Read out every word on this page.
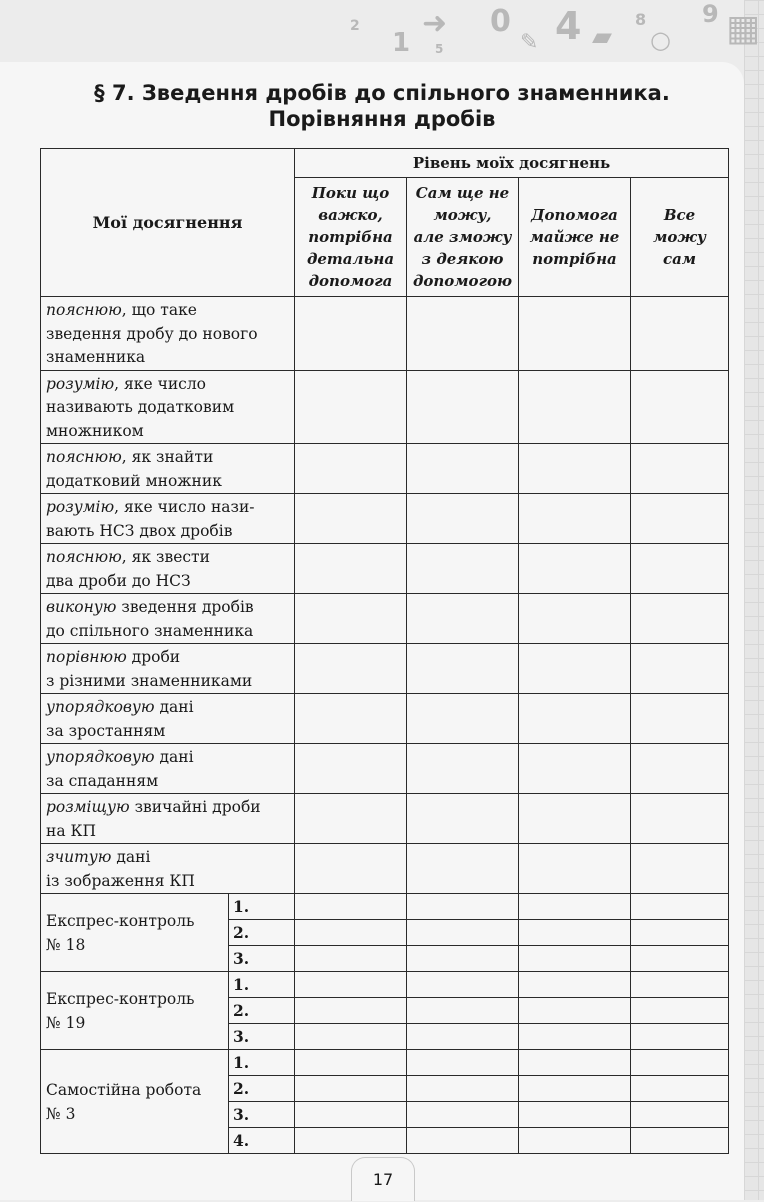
2
1 5
➜ 0
✎ 4 ▰
8
○
9 ▦
§ 7. Зведення дробів до спільного знаменника.
Порівняння дробів
Мої досягнення		Рівень моїх досягнень			

		Поки що
важко,
потрібна
детальна
допомога	Сам ще не
можу,
але зможу
з деякою
допомогою	Допомога
майже не
потрібна	Все
можу
сам

пояснюю, що таке
зведення дробу до нового
знаменника					

розумію, яке число
називають додатковим
множником					

пояснюю, як знайти
додатковий множник					

розумію, яке число нази-
вають НСЗ двох дробів					

пояснюю, як звести
два дроби до НСЗ					

виконую зведення дробів
до спільного знаменника					

порівнюю дроби
з різними знаменниками					

упорядковую дані
за зростанням					

упорядковую дані
за спаданням					

розміщую звичайні дроби
на КП					

зчитую дані
із зображення КП					

Експрес-контроль
№ 18	1.				
	2.				
	3.				

Експрес-контроль
№ 19	1.				
	2.				
	3.				

Самостійна робота
№ 3	1.				
	2.				
	3.				
	4.				
17
